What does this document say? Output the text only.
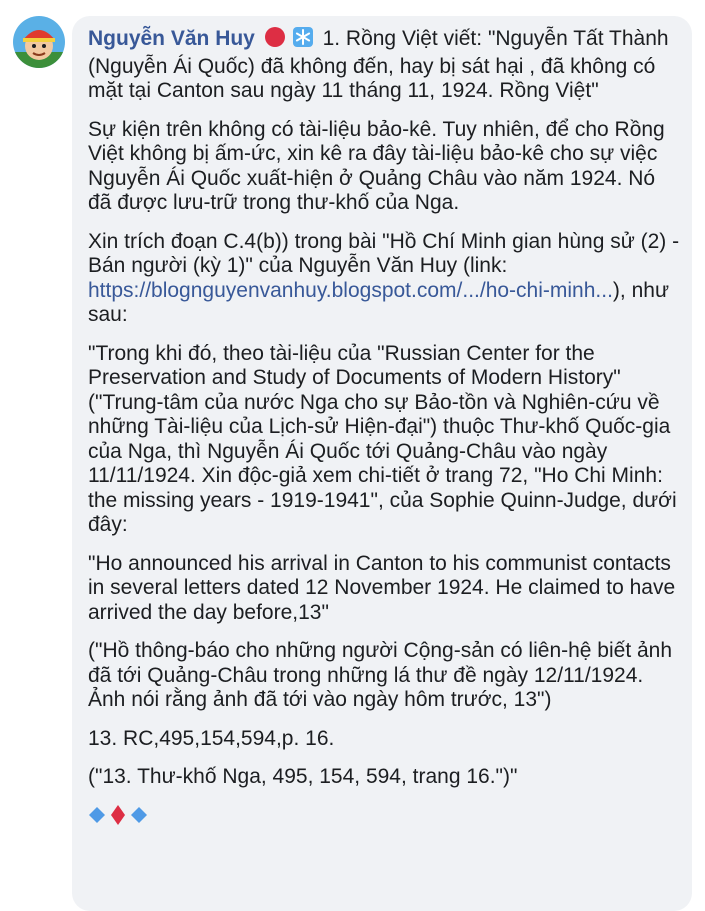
Nguyễn Văn Huy	1. Rồng Việt viết: "Nguyễn Tất Thành (Nguyễn Ái Quốc) đã không đến, hay bị sát hại , đã không có mặt tại Canton sau ngày 11 tháng 11, 1924. Rồng Việt"

Sự kiện trên không có tài-liệu bảo-kê. Tuy nhiên, để cho Rồng Việt không bị ấm-ức, xin kê ra đây tài-liệu bảo-kê cho sự việc Nguyễn Ái Quốc xuất-hiện ở Quảng Châu vào năm 1924. Nó đã được lưu-trữ trong thư-khố của Nga.

Xin trích đoạn C.4(b)) trong bài "Hồ Chí Minh gian hùng sử (2) - Bán người (kỳ 1)" của Nguyễn Văn Huy (link: https://blognguyenvanhuy.blogspot.com/.../ho-chi-minh...), như sau:

"Trong khi đó, theo tài-liệu của "Russian Center for the Preservation and Study of Documents of Modern History" ("Trung-tâm của nước Nga cho sự Bảo-tồn và Nghiên-cứu về những Tài-liệu của Lịch-sử Hiện-đại") thuộc Thư-khố Quốc-gia của Nga, thì Nguyễn Ái Quốc tới Quảng-Châu vào ngày 11/11/1924. Xin độc-giả xem chi-tiết ở trang 72, "Ho Chi Minh: the missing years - 1919-1941", của Sophie Quinn-Judge, dưới đây:

"Ho announced his arrival in Canton to his communist contacts in several letters dated 12 November 1924. He claimed to have arrived the day before,13"

("Hồ thông-báo cho những người Cộng-sản có liên-hệ biết ảnh đã tới Quảng-Châu trong những lá thư đề ngày 12/11/1924. Ảnh nói rằng ảnh đã tới vào ngày hôm trước, 13")

13. RC,495,154,594,p. 16.

("13. Thư-khố Nga, 495, 154, 594, trang 16.")"
